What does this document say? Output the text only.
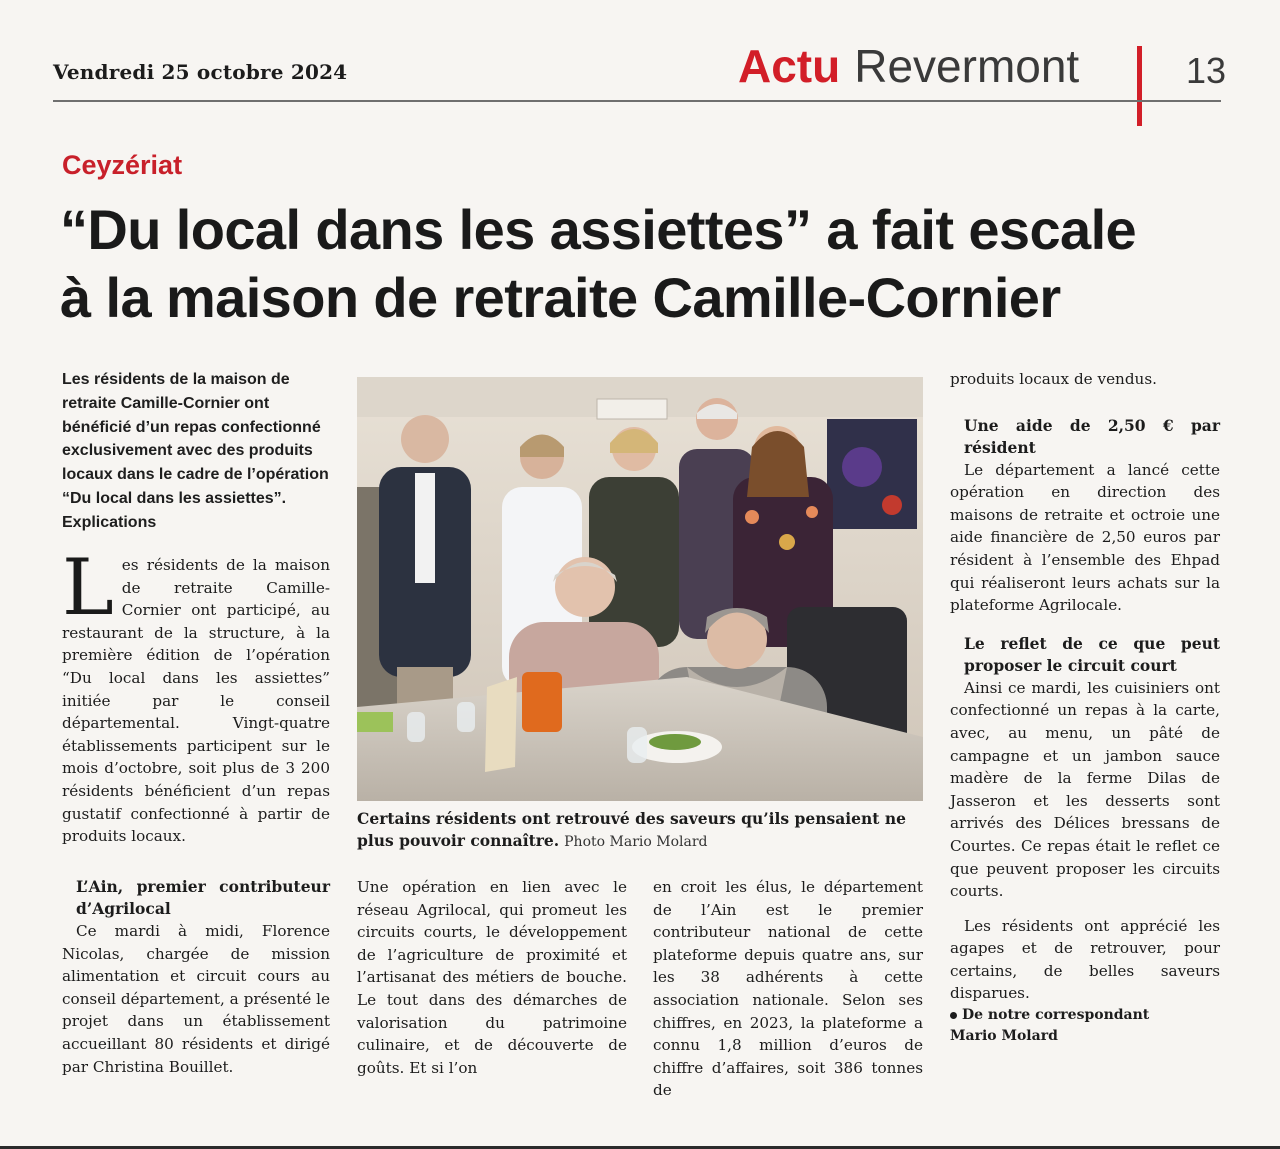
Vendredi 25 octobre 2024	Actu Revermont	13
Ceyzériat
“Du local dans les assiettes” a fait escale
à la maison de retraite Camille-Cornier

Les résidents de la maison de retraite Camille-Cornier ont bénéficié d’un repas confectionné exclusivement avec des produits locaux dans le cadre de l’opération “Du local dans les assiettes”. Explications

L es résidents de la maison de retraite Camille-Cornier ont participé, au restaurant de la structure, à la première édition de l’opération “Du local dans les assiettes” initiée par le conseil départemental. Vingt-quatre établissements participent sur le mois d’octobre, soit plus de 3 200 résidents bénéficient d’un repas gustatif confectionné à partir de produits locaux.

L’Ain, premier contributeur d’Agrilocal

Ce mardi à midi, Florence Nicolas, chargée de mission alimentation et circuit cours au conseil département, a présenté le projet dans un établissement accueillant 80 résidents et dirigé par Christina Bouillet.

Certains résidents ont retrouvé des saveurs qu’ils pensaient ne plus pouvoir connaître. Photo Mario Molard

Une opération en lien avec le réseau Agrilocal, qui promeut les circuits courts, le développement de l’agriculture de proximité et l’artisanat des métiers de bouche. Le tout dans des démarches de valorisation du patrimoine culinaire, et de découverte de goûts. Et si l’on

en croit les élus, le département de l’Ain est le premier contributeur national de cette plateforme depuis quatre ans, sur les 38 adhérents à cette association nationale. Selon ses chiffres, en 2023, la plateforme a connu 1,8 million d’euros de chiffre d’affaires, soit 386 tonnes de

produits locaux de vendus.

Une aide de 2,50 € par résident

Le département a lancé cette opération en direction des maisons de retraite et octroie une aide financière de 2,50 euros par résident à l’ensemble des Ehpad qui réaliseront leurs achats sur la plateforme Agrilocale.

Le reflet de ce que peut proposer le circuit court

Ainsi ce mardi, les cuisiniers ont confectionné un repas à la carte, avec, au menu, un pâté de campagne et un jambon sauce madère de la ferme Dilas de Jasseron et les desserts sont arrivés des Délices bressans de Courtes. Ce repas était le reflet ce que peuvent proposer les circuits courts.

Les résidents ont apprécié les agapes et de retrouver, pour certains, de belles saveurs disparues.

De notre correspondant
Mario Molard
